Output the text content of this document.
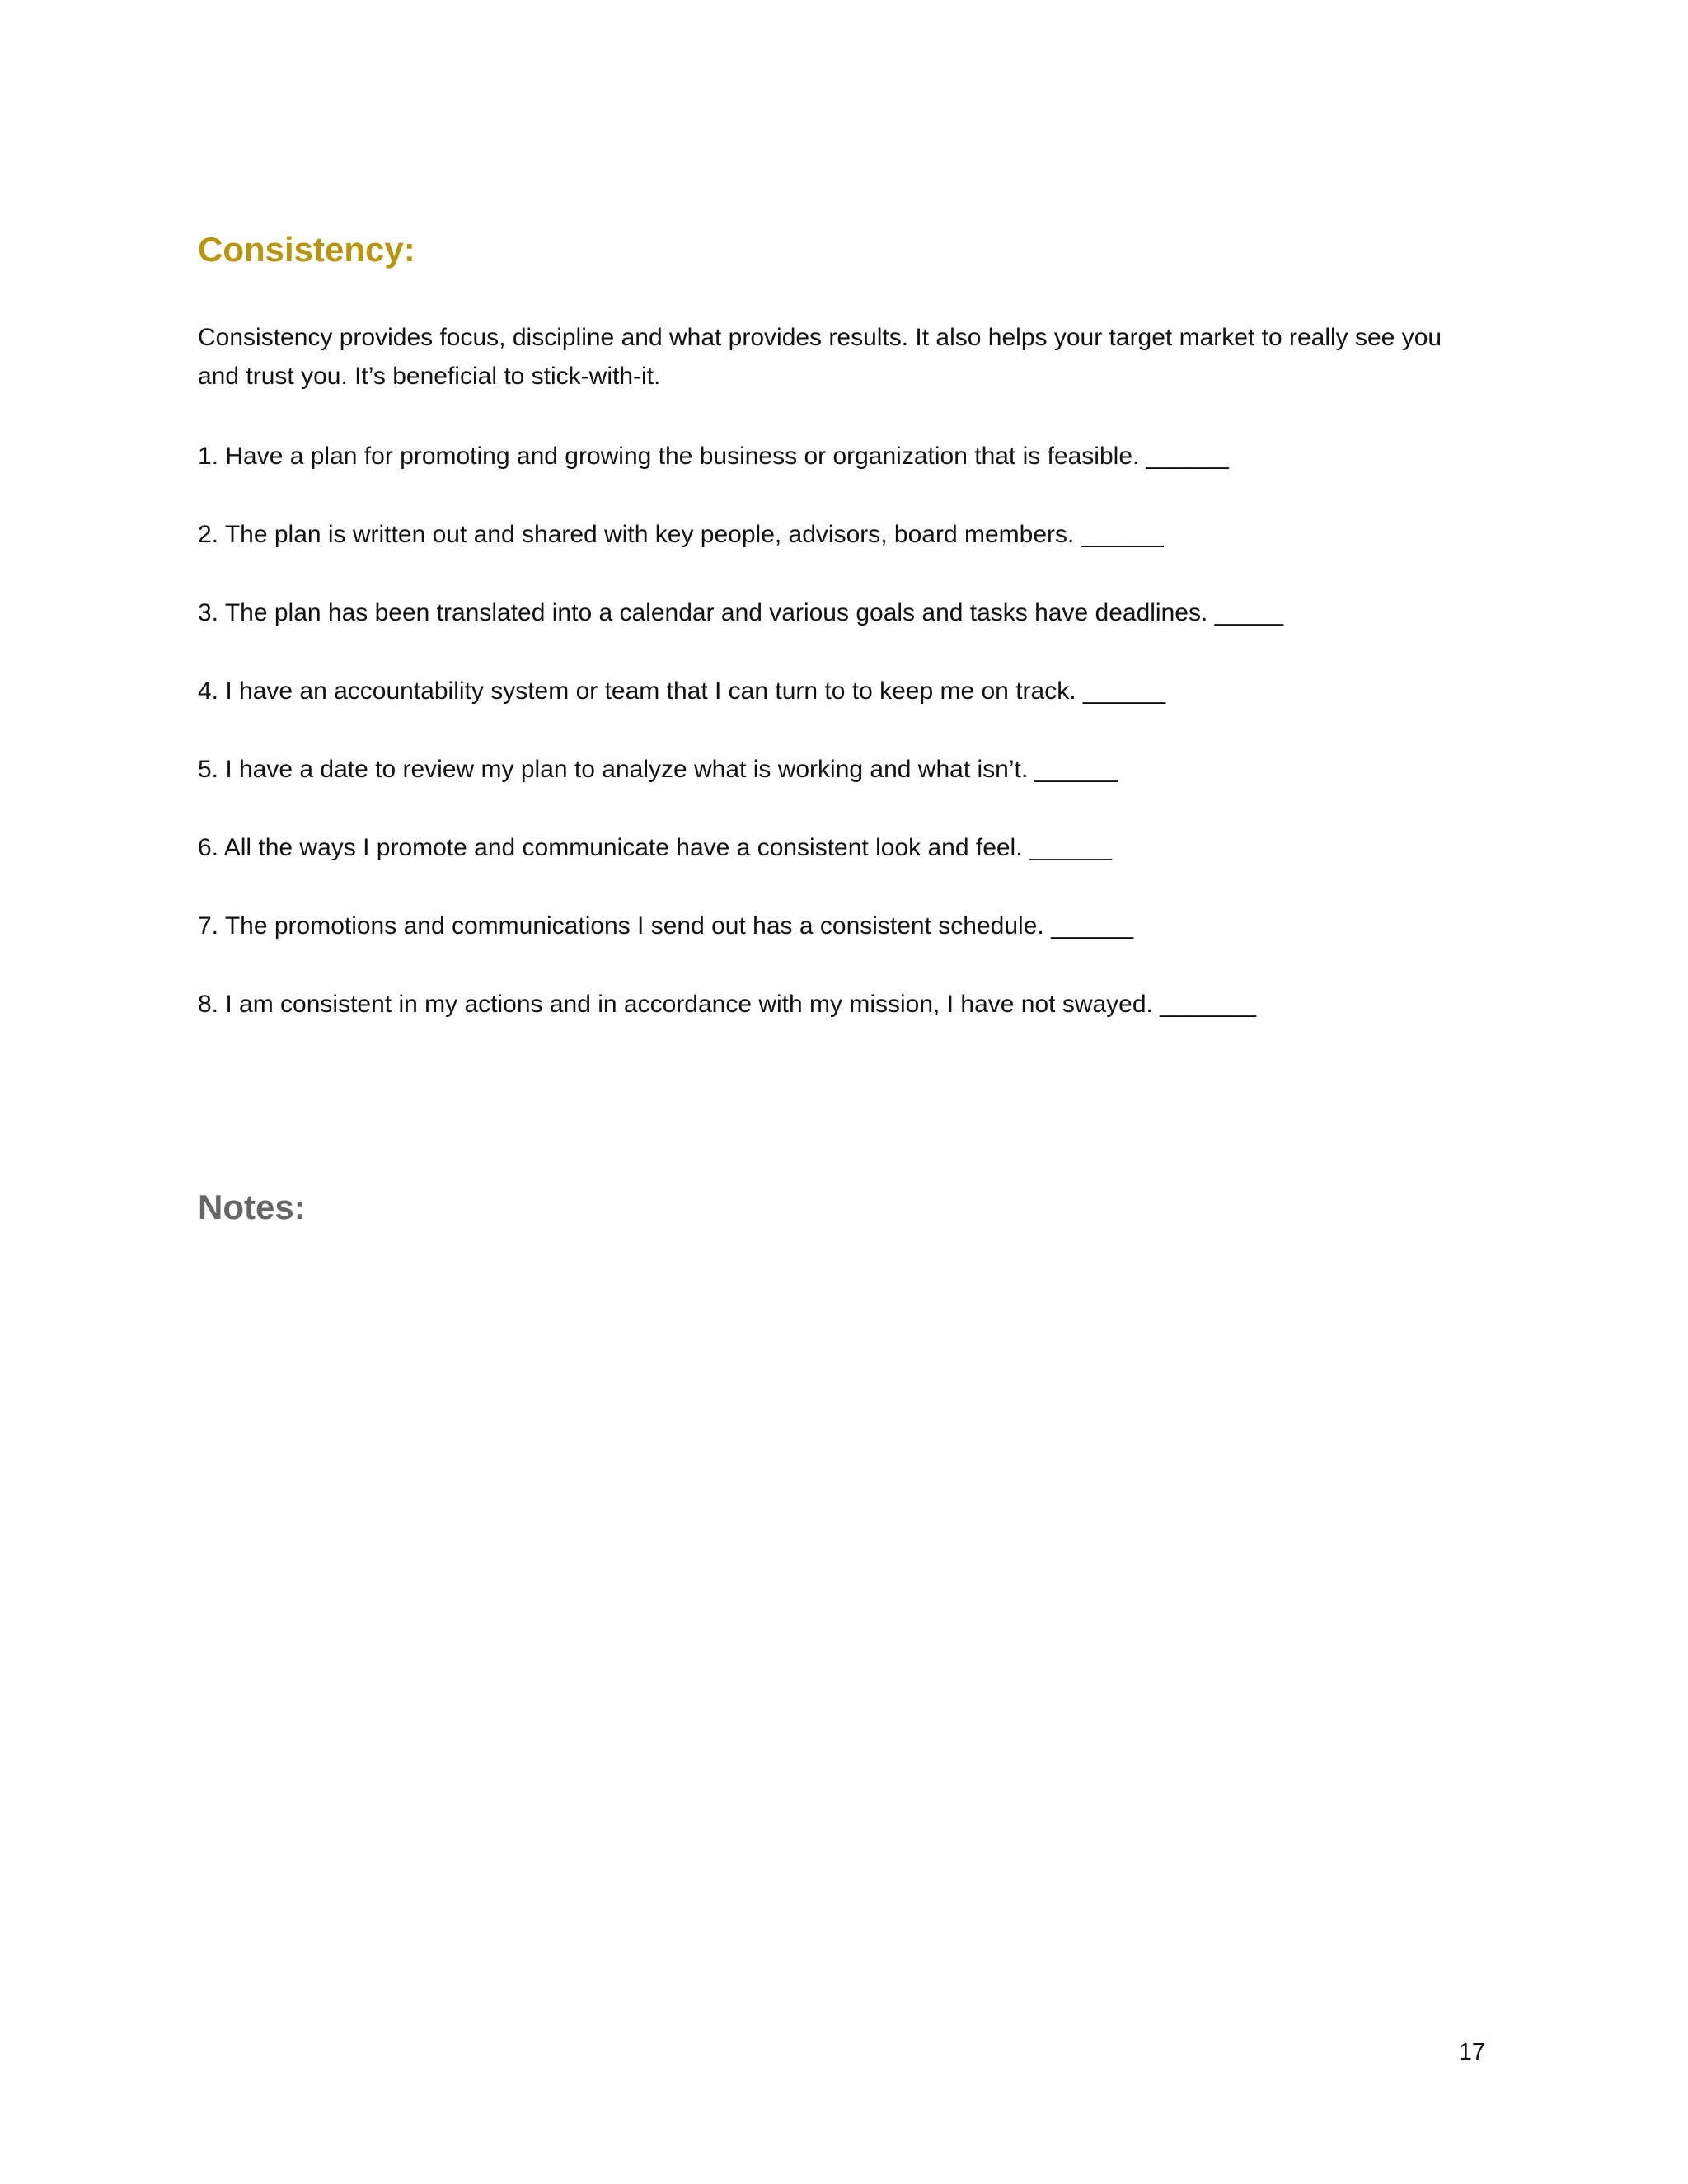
Consistency:

Consistency provides focus, discipline and what provides results. It also helps your target market to really see you and trust you. It’s beneficial to stick-with-it.

1. Have a plan for promoting and growing the business or organization that is feasible. ______
2. The plan is written out and shared with key people, advisors, board members. ______
3. The plan has been translated into a calendar and various goals and tasks have deadlines. _____
4. I have an accountability system or team that I can turn to to keep me on track. ______
5. I have a date to review my plan to analyze what is working and what isn’t. ______
6. All the ways I promote and communicate have a consistent look and feel. ______
7. The promotions and communications I send out has a consistent schedule. ______
8. I am consistent in my actions and in accordance with my mission, I have not swayed. _______
Notes:
17
